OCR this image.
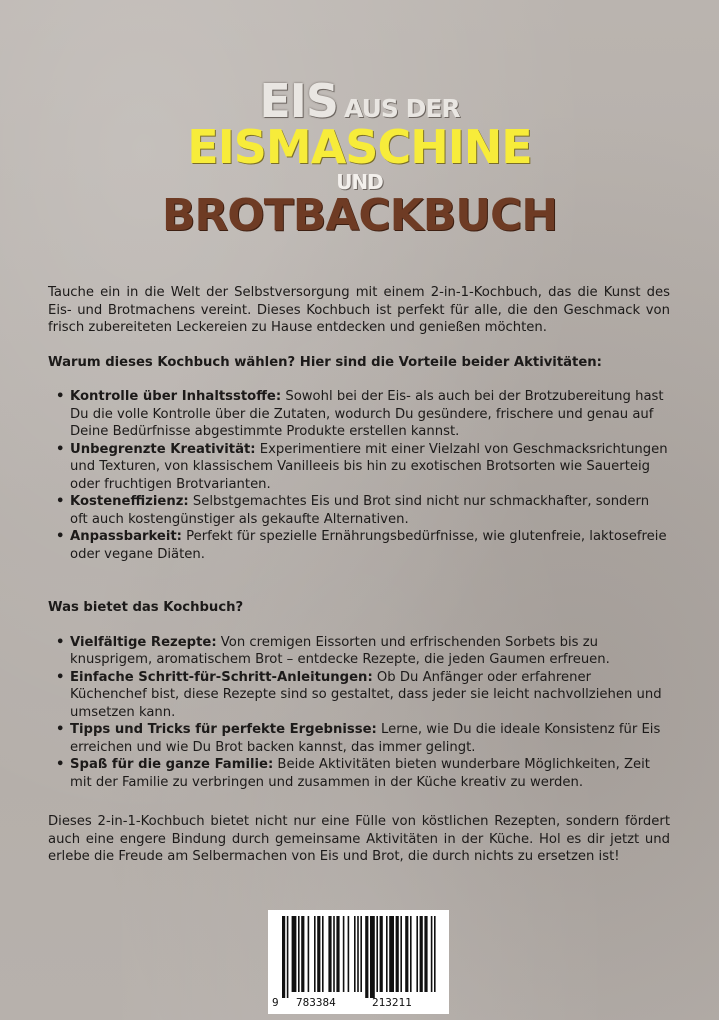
EIS AUS DER
EISMASCHINE
UND
BROTBACKBUCH

Tauche ein in die Welt der Selbstversorgung mit einem 2-in-1-Kochbuch, das die Kunst des Eis- und Brotmachens vereint. Dieses Kochbuch ist perfekt für alle, die den Geschmack von frisch zubereiteten Leckereien zu Hause entdecken und genießen möchten.

Warum dieses Kochbuch wählen? Hier sind die Vorteile beider Aktivitäten:

• Kontrolle über Inhaltsstoffe: Sowohl bei der Eis- als auch bei der Brotzubereitung hast Du die volle Kontrolle über die Zutaten, wodurch Du gesündere, frischere und genau auf Deine Bedürfnisse abgestimmte Produkte erstellen kannst.
• Unbegrenzte Kreativität: Experimentiere mit einer Vielzahl von Geschmacksrichtungen und Texturen, von klassischem Vanilleeis bis hin zu exotischen Brotsorten wie Sauerteig oder fruchtigen Brotvarianten.
• Kosteneffizienz: Selbstgemachtes Eis und Brot sind nicht nur schmackhafter, sondern oft auch kostengünstiger als gekaufte Alternativen.
• Anpassbarkeit: Perfekt für spezielle Ernährungsbedürfnisse, wie glutenfreie, laktosefreie oder vegane Diäten.

Was bietet das Kochbuch?

• Vielfältige Rezepte: Von cremigen Eissorten und erfrischenden Sorbets bis zu knusprigem, aromatischem Brot – entdecke Rezepte, die jeden Gaumen erfreuen.
• Einfache Schritt-für-Schritt-Anleitungen: Ob Du Anfänger oder erfahrener Küchenchef bist, diese Rezepte sind so gestaltet, dass jeder sie leicht nachvollziehen und umsetzen kann.
• Tipps und Tricks für perfekte Ergebnisse: Lerne, wie Du die ideale Konsistenz für Eis erreichen und wie Du Brot backen kannst, das immer gelingt.
• Spaß für die ganze Familie: Beide Aktivitäten bieten wunderbare Möglichkeiten, Zeit mit der Familie zu verbringen und zusammen in der Küche kreativ zu werden.

Dieses 2-in-1-Kochbuch bietet nicht nur eine Fülle von köstlichen Rezepten, sondern fördert auch eine engere Bindung durch gemeinsame Aktivitäten in der Küche. Hol es dir jetzt und erlebe die Freude am Selbermachen von Eis und Brot, die durch nichts zu ersetzen ist!

9 783384	213211
